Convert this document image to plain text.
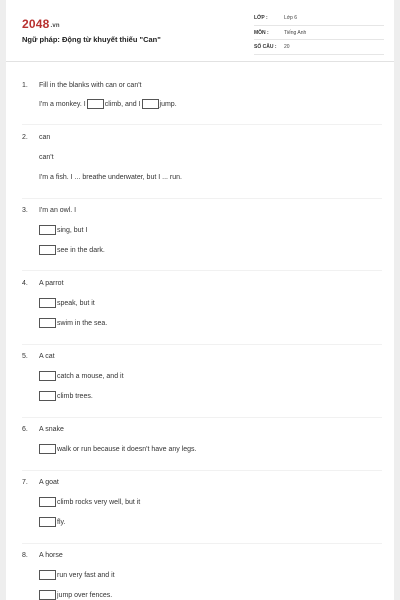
2048.vn
Ngữ pháp: Động từ khuyết thiếu "Can"
LỚP :	Lớp 6
MÔN :	Tiếng Anh
SỐ CÂU : 20
1. Fill in the blanks with can or can't
I'm a monkey. I	climb, and I	jump.
2. can
can't
I'm a fish. I ... breathe underwater, but I ... run.
3. I'm an owl. I
sing, but I
see in the dark.
4. A parrot
speak, but it
swim in the sea.
5. A cat
catch a mouse, and it
climb trees.
6. A snake
walk or run because it doesn't have any legs.
7. A goat
climb rocks very well, but it
fly.
8. A horse
run very fast and it
jump over fences.
